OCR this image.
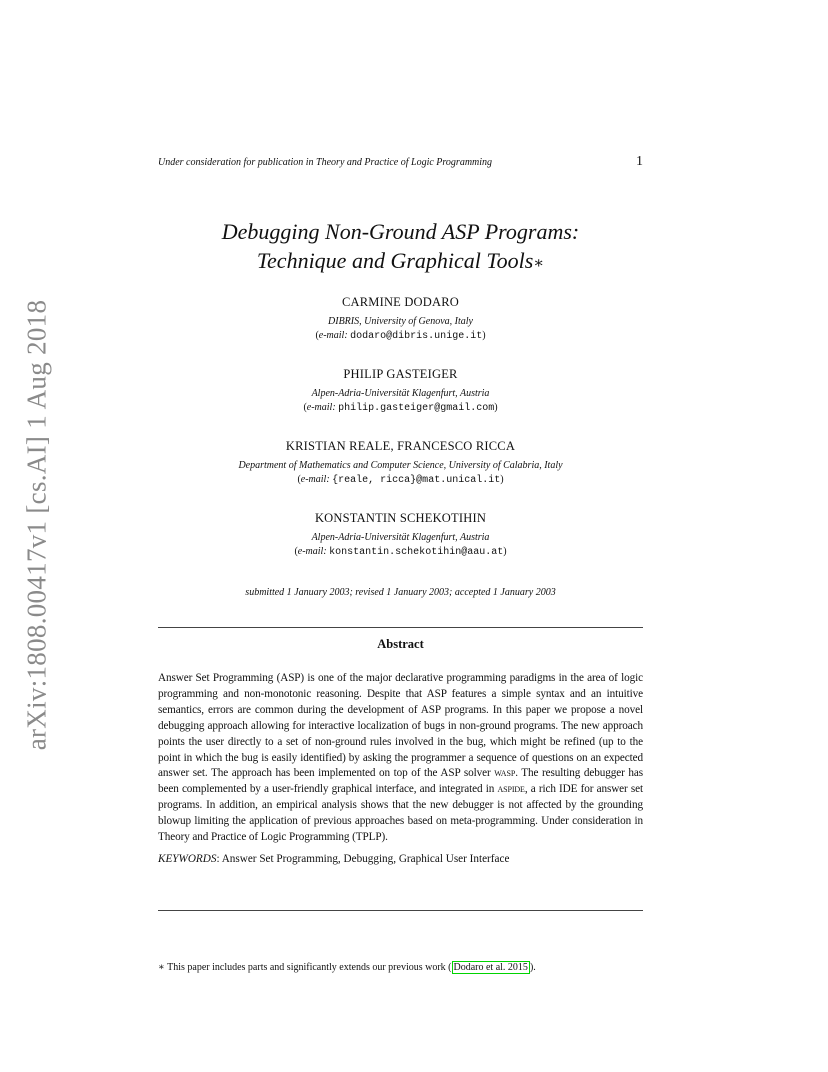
arXiv:1808.00417v1 [cs.AI] 1 Aug 2018
Under consideration for publication in Theory and Practice of Logic Programming	1
Debugging Non-Ground ASP Programs:
Technique and Graphical Tools∗
CARMINE DODARO
DIBRIS, University of Genova, Italy
(e-mail: dodaro@dibris.unige.it)
PHILIP GASTEIGER
Alpen-Adria-Universität Klagenfurt, Austria
(e-mail: philip.gasteiger@gmail.com)
KRISTIAN REALE, FRANCESCO RICCA
Department of Mathematics and Computer Science, University of Calabria, Italy
(e-mail: {reale, ricca}@mat.unical.it)
KONSTANTIN SCHEKOTIHIN
Alpen-Adria-Universität Klagenfurt, Austria
(e-mail: konstantin.schekotihin@aau.at)
submitted 1 January 2003; revised 1 January 2003; accepted 1 January 2003
Abstract
Answer Set Programming (ASP) is one of the major declarative programming paradigms in the area of logic programming and non-monotonic reasoning. Despite that ASP features a simple syntax and an intuitive semantics, errors are common during the development of ASP programs. In this paper we propose a novel debugging approach allowing for interactive localization of bugs in non-ground programs. The new approach points the user directly to a set of non-ground rules involved in the bug, which might be refined (up to the point in which the bug is easily identified) by asking the programmer a sequence of questions on an expected answer set. The approach has been implemented on top of the ASP solver wasp. The resulting debugger has been complemented by a user-friendly graphical interface, and integrated in aspide, a rich IDE for answer set programs. In addition, an empirical analysis shows that the new debugger is not affected by the grounding blowup limiting the application of previous approaches based on meta-programming. Under consideration in Theory and Practice of Logic Programming (TPLP).
KEYWORDS: Answer Set Programming, Debugging, Graphical User Interface
∗ This paper includes parts and significantly extends our previous work ( Dodaro et al. 2015 ).
